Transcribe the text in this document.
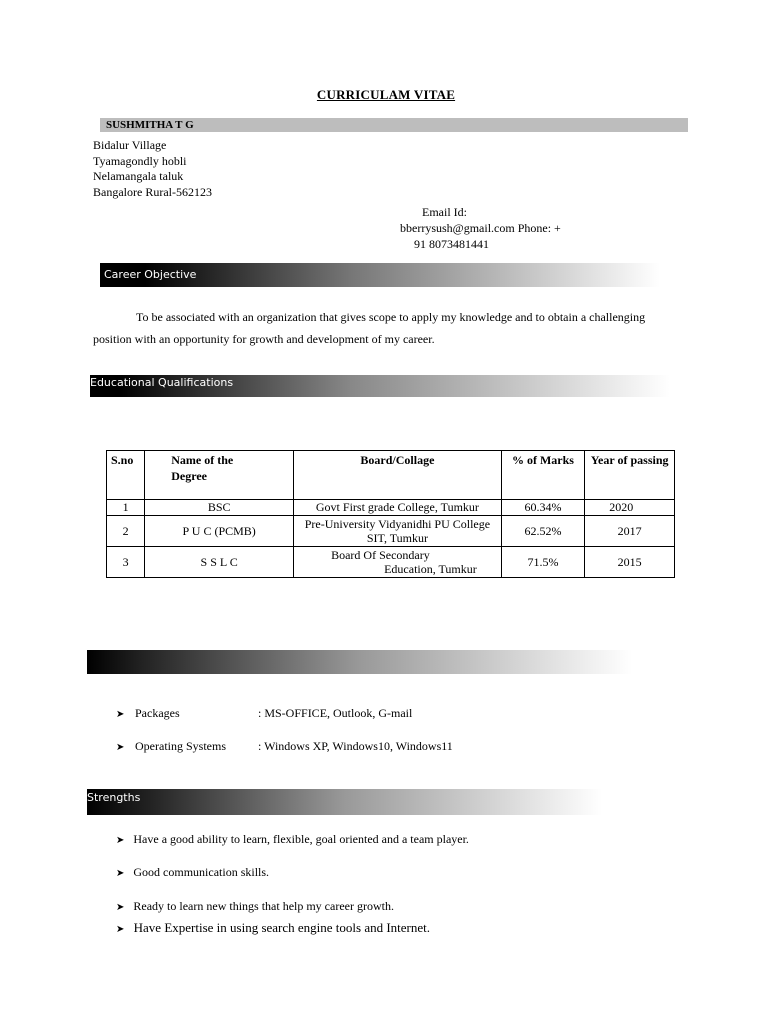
CURRICULAM VITAE
SUSHMITHA T G
Bidalur Village
Tyamagondly hobli
Nelamangala taluk
Bangalore Rural-562123
Email Id:
bberrysush@gmail.com Phone: +
91 8073481441
Career Objective
To be associated with an organization that gives scope to apply my knowledge and to obtain a challenging position with an opportunity for growth and development of my career.
Educational Qualifications
S.no	Name of the Degree	Board/Collage	% of Marks	Year of passing
1	BSC	Govt First grade College, Tumkur	60.34%	2020
2	P U C (PCMB)	Pre-University Vidyanidhi PU College
SIT, Tumkur	62.52%	2017
3	S S L C	Board Of Secondary
Education, Tumkur	71.5%	2015
➤ Packages	: MS-OFFICE, Outlook, G-mail
➤ Operating Systems	: Windows XP, Windows10, Windows11
Strengths
➤ Have a good ability to learn, flexible, goal oriented and a team player.
➤ Good communication skills.
➤ Ready to learn new things that help my career growth.
➤ Have Expertise in using search engine tools and Internet.
